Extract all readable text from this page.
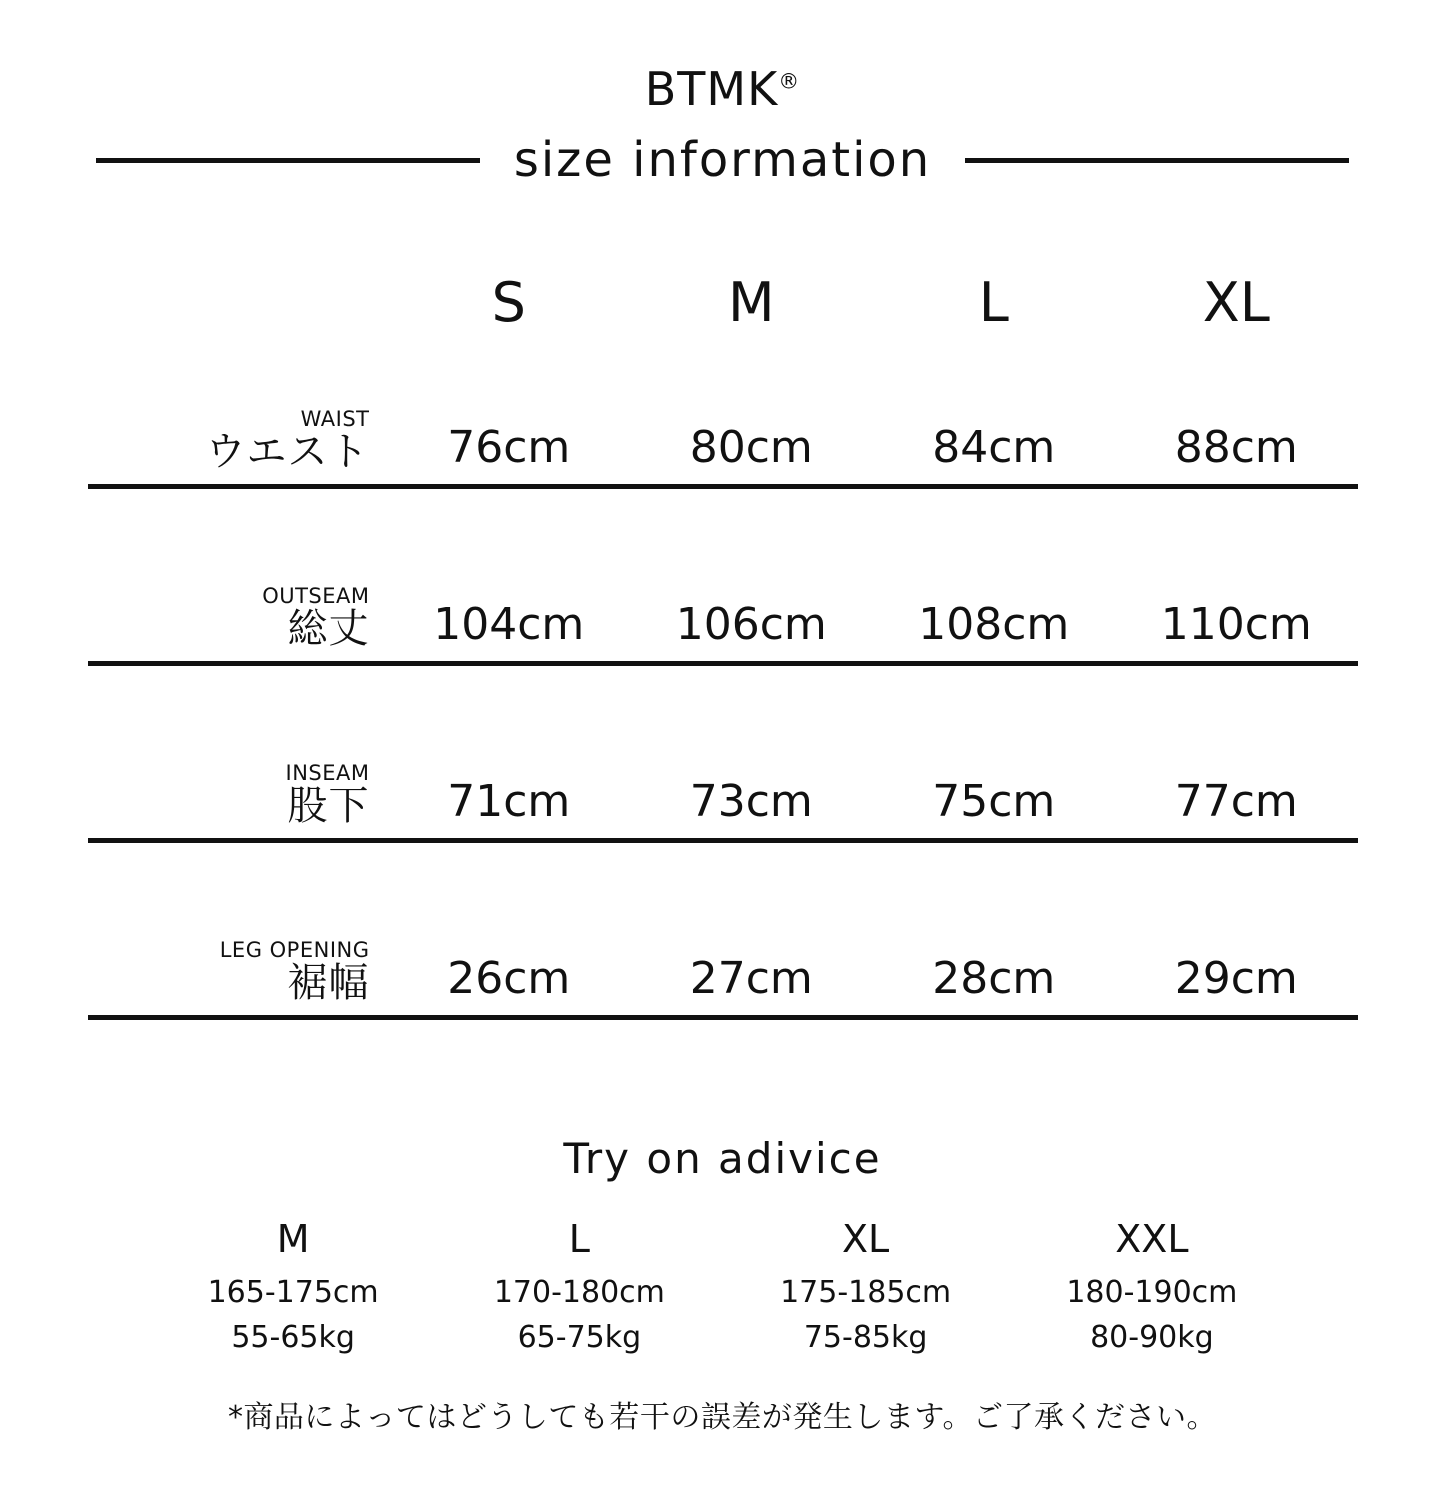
BTMK®
size information
S	M	L	XL
WAIST
ウエスト	76cm	80cm	84cm	88cm
OUTSEAM
総丈	104cm	106cm	108cm	110cm
INSEAM
股下	71cm	73cm	75cm	77cm
LEG OPENING
裾幅	26cm	27cm	28cm	29cm
Try on adivice
M
165-175cm
55-65kg
L
170-180cm
65-75kg
XL
175-185cm
75-85kg
XXL
180-190cm
80-90kg
*商品によってはどうしても若干の誤差が発生します。ご了承ください。
